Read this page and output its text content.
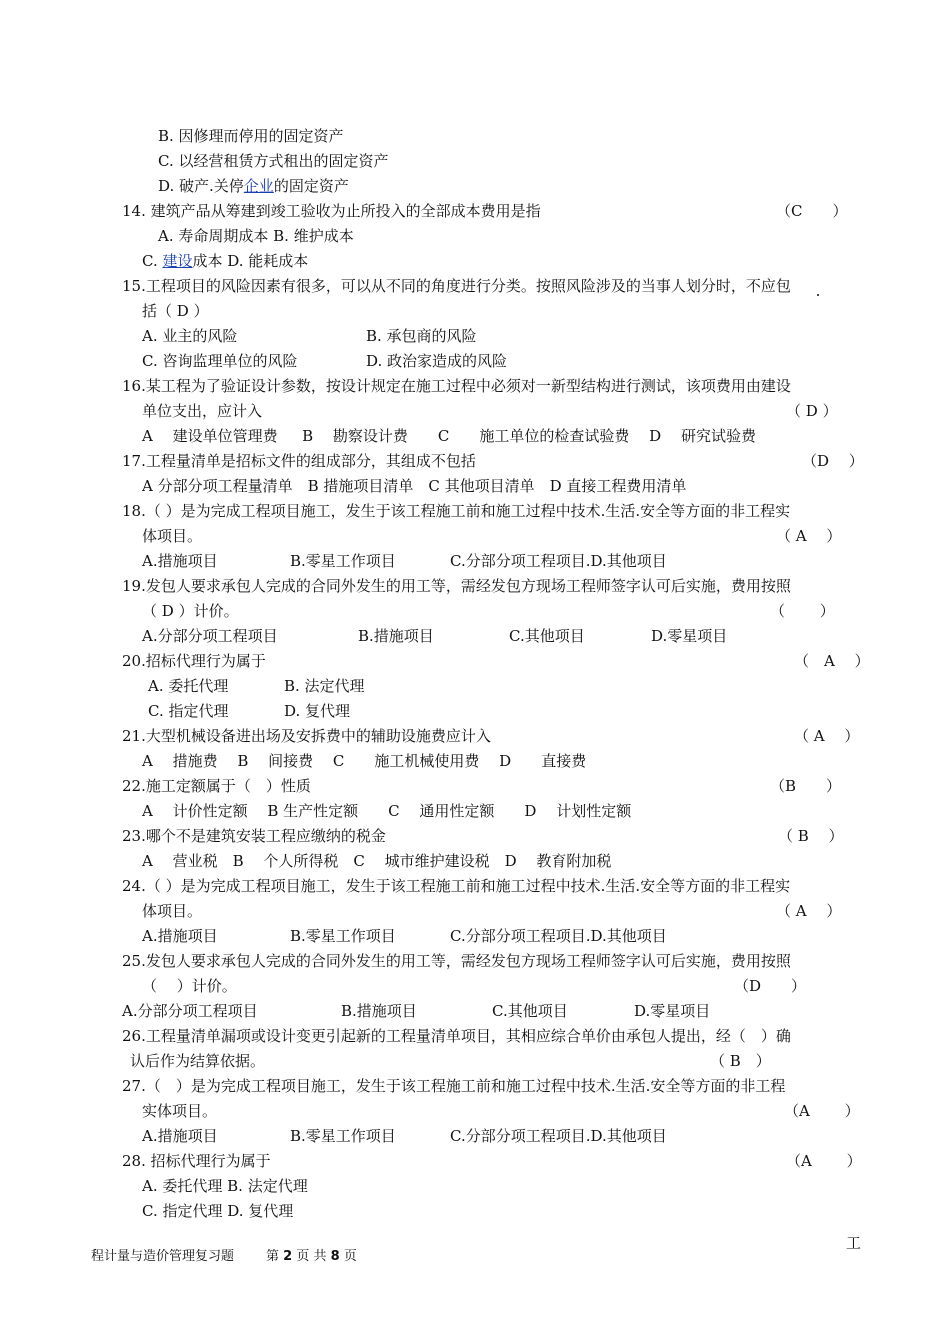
B. 因修理而停用的固定资产
C. 以经营租赁方式租出的固定资产
D. 破产.关停企业的固定资产
14. 建筑产品从筹建到竣工验收为止所投入的全部成本费用是指	（C　　）
A. 寿命周期成本 B. 维护成本
C. 建设成本 D. 能耗成本
15.工程项目的风险因素有很多，可以从不同的角度进行分类。按照风险涉及的当事人划分时，不应包
括（ D ）
A. 业主的风险	B. 承包商的风险
C. 咨询监理单位的风险	D. 政治家造成的风险
16.某工程为了验证设计参数，按设计规定在施工过程中必须对一新型结构进行测试，该项费用由建设
单位支出，应计入	（ D ）
A　 建设单位管理费　  B　 勘察设计费　　C　　施工单位的检查试验费　 D　 研究试验费
17.工程量清单是招标文件的组成部分，其组成不包括	（D　 ）
A 分部分项工程量清单　B 措施项目清单　C 其他项目清单　D 直接工程费用清单
18.（ ）是为完成工程项目施工，发生于该工程施工前和施工过程中技术.生活.安全等方面的非工程实
体项目。	（ A　 ）
A.措施项目	B.零星工作项目	C.分部分项工程项目.D.其他项目
19.发包人要求承包人完成的合同外发生的用工等，需经发包方现场工程师签字认可后实施，费用按照
（ D ）计价。	（　　 ）
A.分部分项工程项目	B.措施项目	C.其他项目	D.零星项目
20.招标代理行为属于	（　A　 ）
A. 委托代理	B. 法定代理
C. 指定代理	D. 复代理
21.大型机械设备进出场及安拆费中的辅助设施费应计入	（ A　 ）
A　 措施费　 B　 间接费　 C　　施工机械使用费　 D　　直接费
22.施工定额属于（　）性质	（B　　）
A　 计价性定额　 B 生产性定额　　C　 通用性定额　　D　 计划性定额
23.哪个不是建筑安装工程应缴纳的税金	（ B　 ）
A　 营业税　B　 个人所得税　C　 城市维护建设税　D　 教育附加税
24.（ ）是为完成工程项目施工，发生于该工程施工前和施工过程中技术.生活.安全等方面的非工程实
体项目。	（ A　 ）
A.措施项目	B.零星工作项目	C.分部分项工程项目.D.其他项目
25.发包人要求承包人完成的合同外发生的用工等，需经发包方现场工程师签字认可后实施，费用按照
（　 ）计价。	（D　　）
A.分部分项工程项目	B.措施项目	C.其他项目	D.零星项目
26.工程量清单漏项或设计变更引起新的工程量清单项目，其相应综合单价由承包人提出，经（　）确
认后作为结算依据。	（ B　）
27.（　）是为完成工程项目施工，发生于该工程施工前和施工过程中技术.生活.安全等方面的非工程
实体项目。	（A　　 ）
A.措施项目	B.零星工作项目	C.分部分项工程项目.D.其他项目
28. 招标代理行为属于	（A　　 ）
A. 委托代理 B. 法定代理
C. 指定代理 D. 复代理
工
程计量与造价管理复习题 第 2 页 共 8 页
